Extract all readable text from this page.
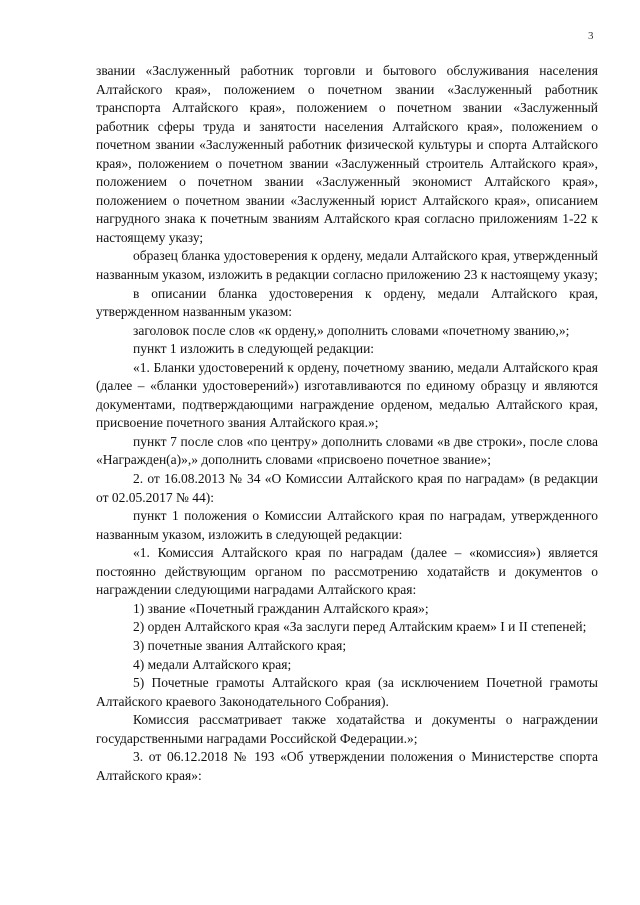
3

звании «Заслуженный работник торговли и бытового обслуживания населения Алтайского края», положением о почетном звании «Заслуженный работник транспорта Алтайского края», положением о почетном звании «Заслуженный работник сферы труда и занятости населения Алтайского края», положением о почетном звании «Заслуженный работник физической культуры и спорта Алтайского края», положением о почетном звании «Заслуженный строитель Алтайского края», положением о почетном звании «Заслуженный экономист Алтайского края», положением о почетном звании «Заслуженный юрист Алтайского края», описанием нагрудного знака к почетным званиям Алтайского края согласно приложениям 1-22 к настоящему указу;

образец бланка удостоверения к ордену, медали Алтайского края, утвержденный названным указом, изложить в редакции согласно приложению 23 к настоящему указу;

в описании бланка удостоверения к ордену, медали Алтайского края, утвержденном названным указом:

заголовок после слов «к ордену,» дополнить словами «почетному званию,»;

пункт 1 изложить в следующей редакции:

«1. Бланки удостоверений к ордену, почетному званию, медали Алтайского края (далее – «бланки удостоверений») изготавливаются по единому образцу и являются документами, подтверждающими награждение орденом, медалью Алтайского края, присвоение почетного звания Алтайского края.»;

пункт 7 после слов «по центру» дополнить словами «в две строки», после слова «Награжден(а)»,» дополнить словами «присвоено почетное звание»;

2. от 16.08.2013 № 34 «О Комиссии Алтайского края по наградам» (в редакции от 02.05.2017 № 44):

пункт 1 положения о Комиссии Алтайского края по наградам, утвержденного названным указом, изложить в следующей редакции:

«1. Комиссия Алтайского края по наградам (далее – «комиссия») является постоянно действующим органом по рассмотрению ходатайств и документов о награждении следующими наградами Алтайского края:

1) звание «Почетный гражданин Алтайского края»;

2) орден Алтайского края «За заслуги перед Алтайским краем» I и II степеней;

3) почетные звания Алтайского края;

4) медали Алтайского края;

5) Почетные грамоты Алтайского края (за исключением Почетной грамоты Алтайского краевого Законодательного Собрания).

Комиссия рассматривает также ходатайства и документы о награждении государственными наградами Российской Федерации.»;

3. от 06.12.2018 № 193 «Об утверждении положения о Министерстве спорта Алтайского края»:
